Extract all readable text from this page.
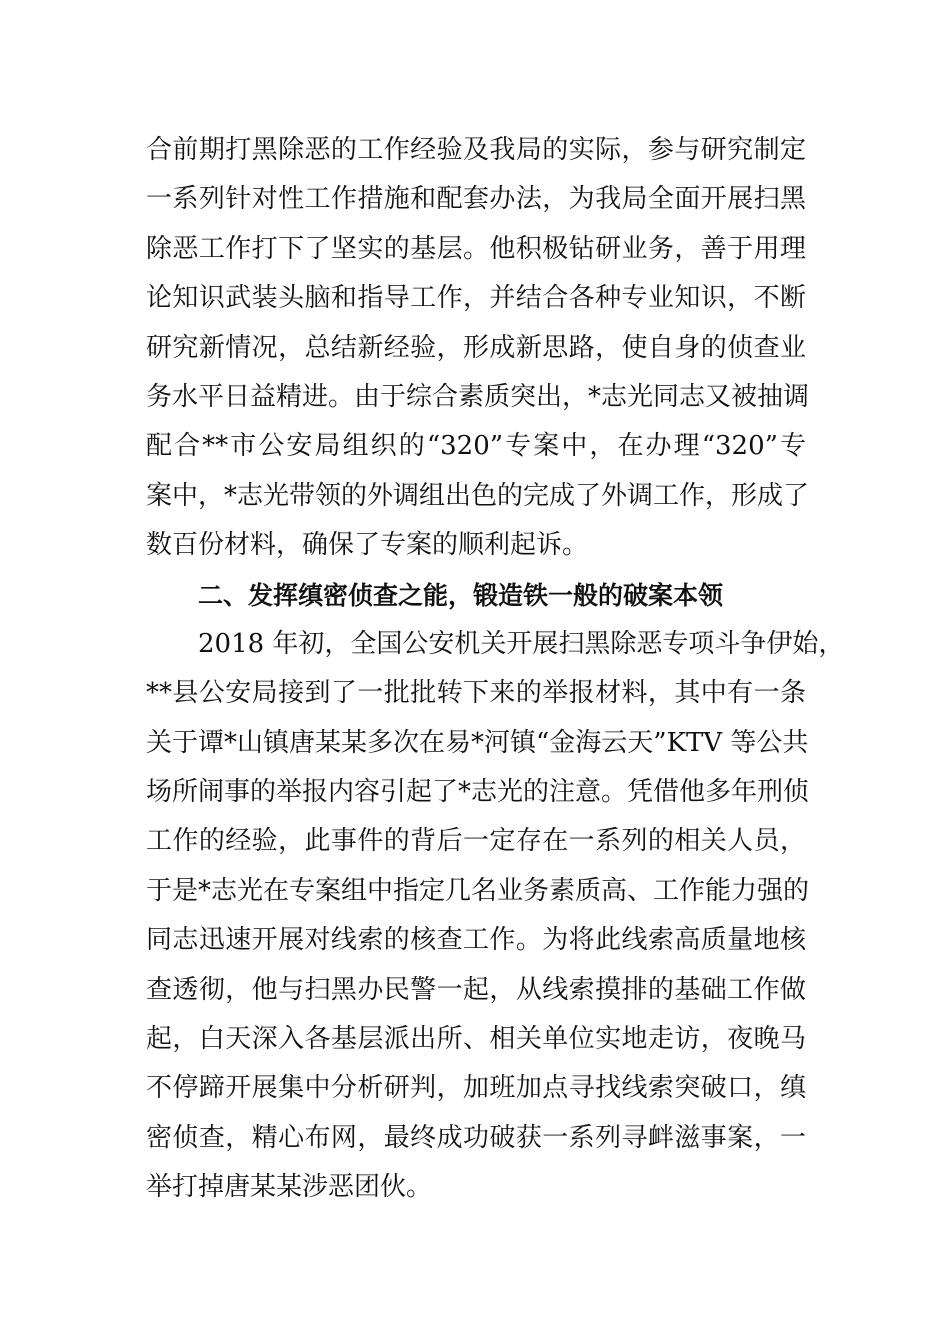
合前期打黑除恶的工作经验及我局的实际，参与研究制定
一系列针对性工作措施和配套办法，为我局全面开展扫黑
除恶工作打下了坚实的基层。他积极钻研业务，善于用理
论知识武装头脑和指导工作，并结合各种专业知识，不断
研究新情况，总结新经验，形成新思路，使自身的侦查业
务水平日益精进。由于综合素质突出，*志光同志又被抽调
配合**市公安局组织的“320”专案中，在办理“320”专
案中，*志光带领的外调组出色的完成了外调工作，形成了
数百份材料，确保了专案的顺利起诉。
二、发挥缜密侦查之能，锻造铁一般的破案本领
2018 年初，全国公安机关开展扫黑除恶专项斗争伊始，
**县公安局接到了一批批转下来的举报材料，其中有一条
关于谭*山镇唐某某多次在易*河镇“金海云天”KTV 等公共
场所闹事的举报内容引起了*志光的注意。凭借他多年刑侦
工作的经验，此事件的背后一定存在一系列的相关人员，
于是*志光在专案组中指定几名业务素质高、工作能力强的
同志迅速开展对线索的核查工作。为将此线索高质量地核
查透彻，他与扫黑办民警一起，从线索摸排的基础工作做
起，白天深入各基层派出所、相关单位实地走访，夜晚马
不停蹄开展集中分析研判，加班加点寻找线索突破口，缜
密侦查，精心布网，最终成功破获一系列寻衅滋事案，一
举打掉唐某某涉恶团伙。
